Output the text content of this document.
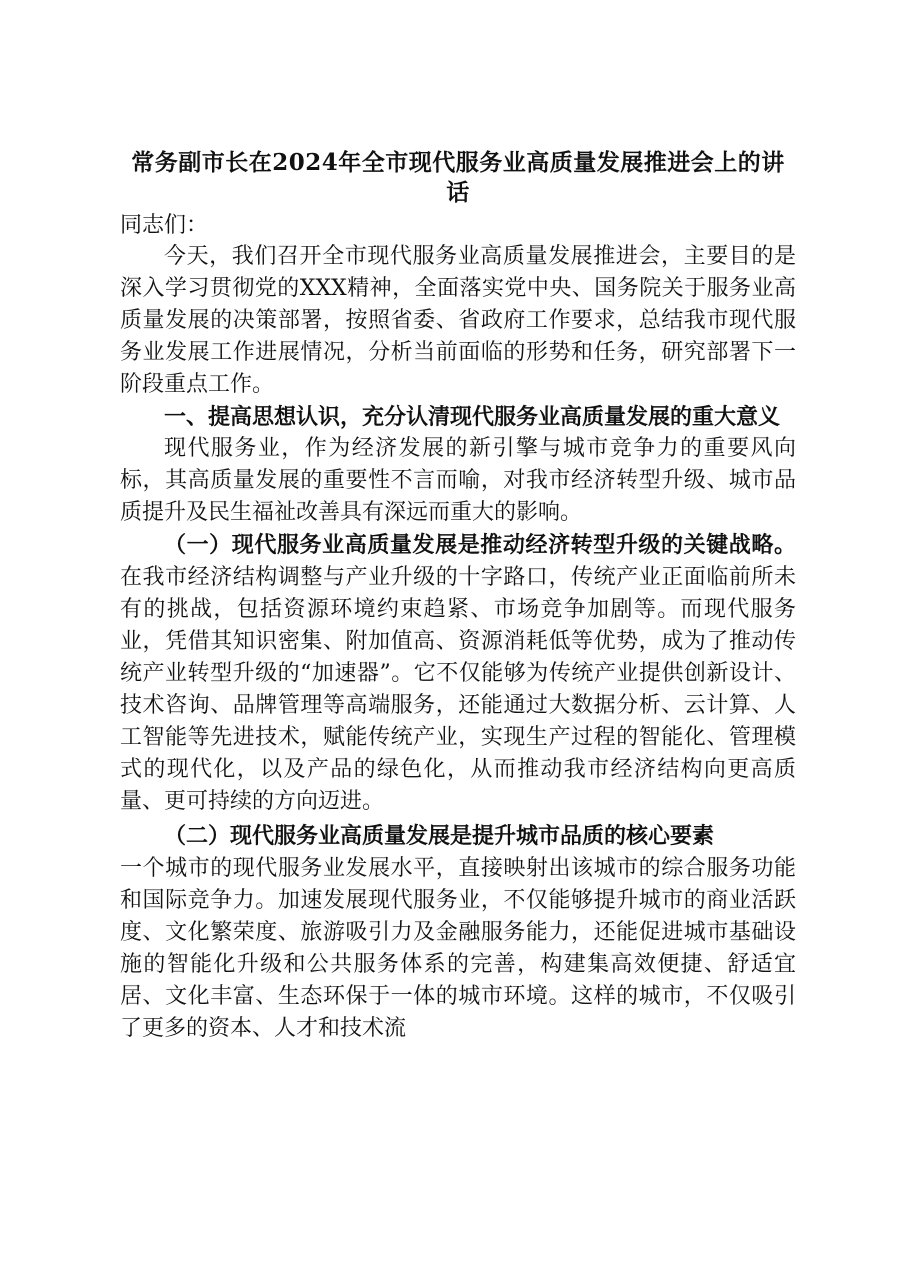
常务副市长在2024年全市现代服务业高质量发展推进会上的讲话

同志们：

今天，我们召开全市现代服务业高质量发展推进会，主要目的是深入学习贯彻党的XXX精神，全面落实党中央、国务院关于服务业高质量发展的决策部署，按照省委、省政府工作要求，总结我市现代服务业发展工作进展情况，分析当前面临的形势和任务，研究部署下一阶段重点工作。

一、提高思想认识，充分认清现代服务业高质量发展的重大意义

现代服务业，作为经济发展的新引擎与城市竞争力的重要风向标，其高质量发展的重要性不言而喻，对我市经济转型升级、城市品质提升及民生福祉改善具有深远而重大的影响。

（一）现代服务业高质量发展是推动经济转型升级的关键战略。在我市经济结构调整与产业升级的十字路口，传统产业正面临前所未有的挑战，包括资源环境约束趋紧、市场竞争加剧等。而现代服务业，凭借其知识密集、附加值高、资源消耗低等优势，成为了推动传统产业转型升级的“加速器”。它不仅能够为传统产业提供创新设计、技术咨询、品牌管理等高端服务，还能通过大数据分析、云计算、人工智能等先进技术，赋能传统产业，实现生产过程的智能化、管理模式的现代化，以及产品的绿色化，从而推动我市经济结构向更高质量、更可持续的方向迈进。

（二）现代服务业高质量发展是提升城市品质的核心要素

一个城市的现代服务业发展水平，直接映射出该城市的综合服务功能和国际竞争力。加速发展现代服务业，不仅能够提升城市的商业活跃度、文化繁荣度、旅游吸引力及金融服务能力，还能促进城市基础设施的智能化升级和公共服务体系的完善，构建集高效便捷、舒适宜居、文化丰富、生态环保于一体的城市环境。这样的城市，不仅吸引了更多的资本、人才和技术流
